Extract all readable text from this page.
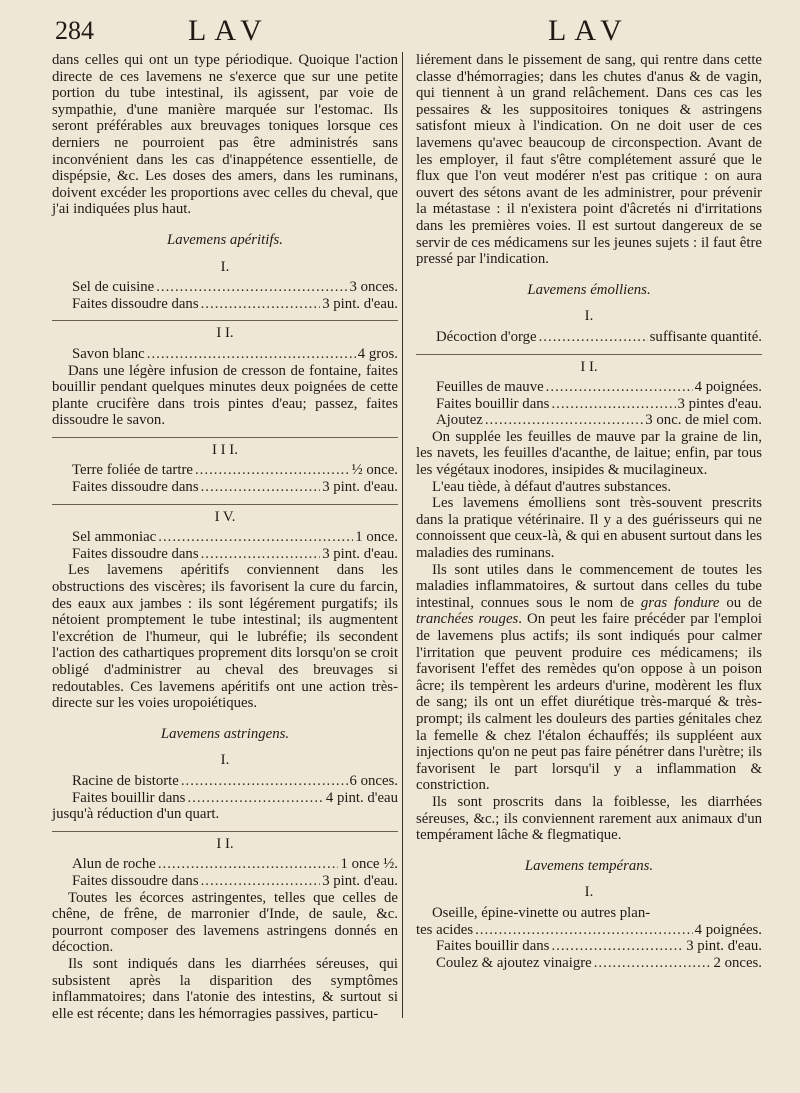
284	LAV	LAV

dans celles qui ont un type périodique. Quoique l'action directe de ces lavemens ne s'exerce que sur une petite portion du tube intestinal, ils agissent, par voie de sympathie, d'une manière marquée sur l'estomac. Ils seront préférables aux breuvages toniques lorsque ces derniers ne pourroient pas être administrés sans inconvénient dans les cas d'inappétence essentielle, de dispépsie, &c. Les doses des amers, dans les ruminans, doivent excéder les proportions avec celles du cheval, que j'ai indiquées plus haut.

Lavemens apéritifs.

I.

Sel de cuisine .....	3 onces.
Faites dissoudre dans .....	3 pint. d'eau.

I I.

Savon blanc .....	4 gros.

Dans une légère infusion de cresson de fontaine, faites bouillir pendant quelques minutes deux poignées de cette plante crucifère dans trois pintes d'eau; passez, faites dissoudre le savon.

I I I.

Terre foliée de tartre .....	½ once.
Faites dissoudre dans .....	3 pint. d'eau.

I V.

Sel ammoniac .....	1 once.
Faites dissoudre dans .....	3 pint. d'eau.

Les lavemens apéritifs conviennent dans les obstructions des viscères; ils favorisent la cure du farcin, des eaux aux jambes : ils sont légérement purgatifs; ils nétoient promptement le tube intestinal; ils augmentent l'excrétion de l'humeur, qui le lubréfie; ils secondent l'action des cathartiques proprement dits lorsqu'on se croit obligé d'administrer au cheval des breuvages si redoutables. Ces lavemens apéritifs ont une action très-directe sur les voies uropoiétiques.

Lavemens astringens.

I.

Racine de bistorte .....	6 onces.
Faites bouillir dans .....	4 pint. d'eau

jusqu'à réduction d'un quart.

I I.

Alun de roche .....	1 once ½.
Faites dissoudre dans .....	3 pint. d'eau.

Toutes les écorces astringentes, telles que celles de chêne, de frêne, de marronier d'Inde, de saule, &c. pourront composer des lavemens astringens donnés en décoction.

Ils sont indiqués dans les diarrhées séreuses, qui subsistent après la disparition des symptômes inflammatoires; dans l'atonie des intestins, & surtout si elle est récente; dans les hémorragies passives, particu-

liérement dans le pissement de sang, qui rentre dans cette classe d'hémorragies; dans les chutes d'anus & de vagin, qui tiennent à un grand relâchement. Dans ces cas les pessaires & les suppositoires toniques & astringens satisfont mieux à l'indication. On ne doit user de ces lavemens qu'avec beaucoup de circonspection. Avant de les employer, il faut s'être complétement assuré que le flux que l'on veut modérer n'est pas critique : on aura ouvert des sétons avant de les administrer, pour prévenir la métastase : il n'existera point d'âcretés ni d'irritations dans les premières voies. Il est surtout dangereux de se servir de ces médicamens sur les jeunes sujets : il faut être pressé par l'indication.

Lavemens émolliens.

I.

Décoction d'orge .....	suffisante quantité.

I I.

Feuilles de mauve .....	4 poignées.
Faites bouillir dans .....	3 pintes d'eau.
Ajoutez .....	3 onc. de miel com.

On supplée les feuilles de mauve par la graine de lin, les navets, les feuilles d'acanthe, de laitue; enfin, par tous les végétaux inodores, insipides & mucilagineux.

L'eau tiède, à défaut d'autres substances.

Les lavemens émolliens sont très-souvent prescrits dans la pratique vétérinaire. Il y a des guérisseurs qui ne connoissent que ceux-là, & qui en abusent surtout dans les maladies des ruminans.

Ils sont utiles dans le commencement de toutes les maladies inflammatoires, & surtout dans celles du tube intestinal, connues sous le nom de gras fondure ou de tranchées rouges. On peut les faire précéder par l'emploi de lavemens plus actifs; ils sont indiqués pour calmer l'irritation que peuvent produire ces médicamens; ils favorisent l'effet des remèdes qu'on oppose à un poison âcre; ils tempèrent les ardeurs d'urine, modèrent les flux de sang; ils ont un effet diurétique très-marqué & très-prompt; ils calment les douleurs des parties génitales chez la femelle & chez l'étalon échauffés; ils suppléent aux injections qu'on ne peut pas faire pénétrer dans l'urètre; ils favorisent le part lorsqu'il y a inflammation & constriction.

Ils sont proscrits dans la foiblesse, les diarrhées séreuses, &c.; ils conviennent rarement aux animaux d'un tempérament lâche & flegmatique.

Lavemens tempérans.

I.

Oseille, épine-vinette ou autres plan-

tes acides .....	4 poignées.
Faites bouillir dans .....	3 pint. d'eau.
Coulez & ajoutez vinaigre .....	2 onces.
